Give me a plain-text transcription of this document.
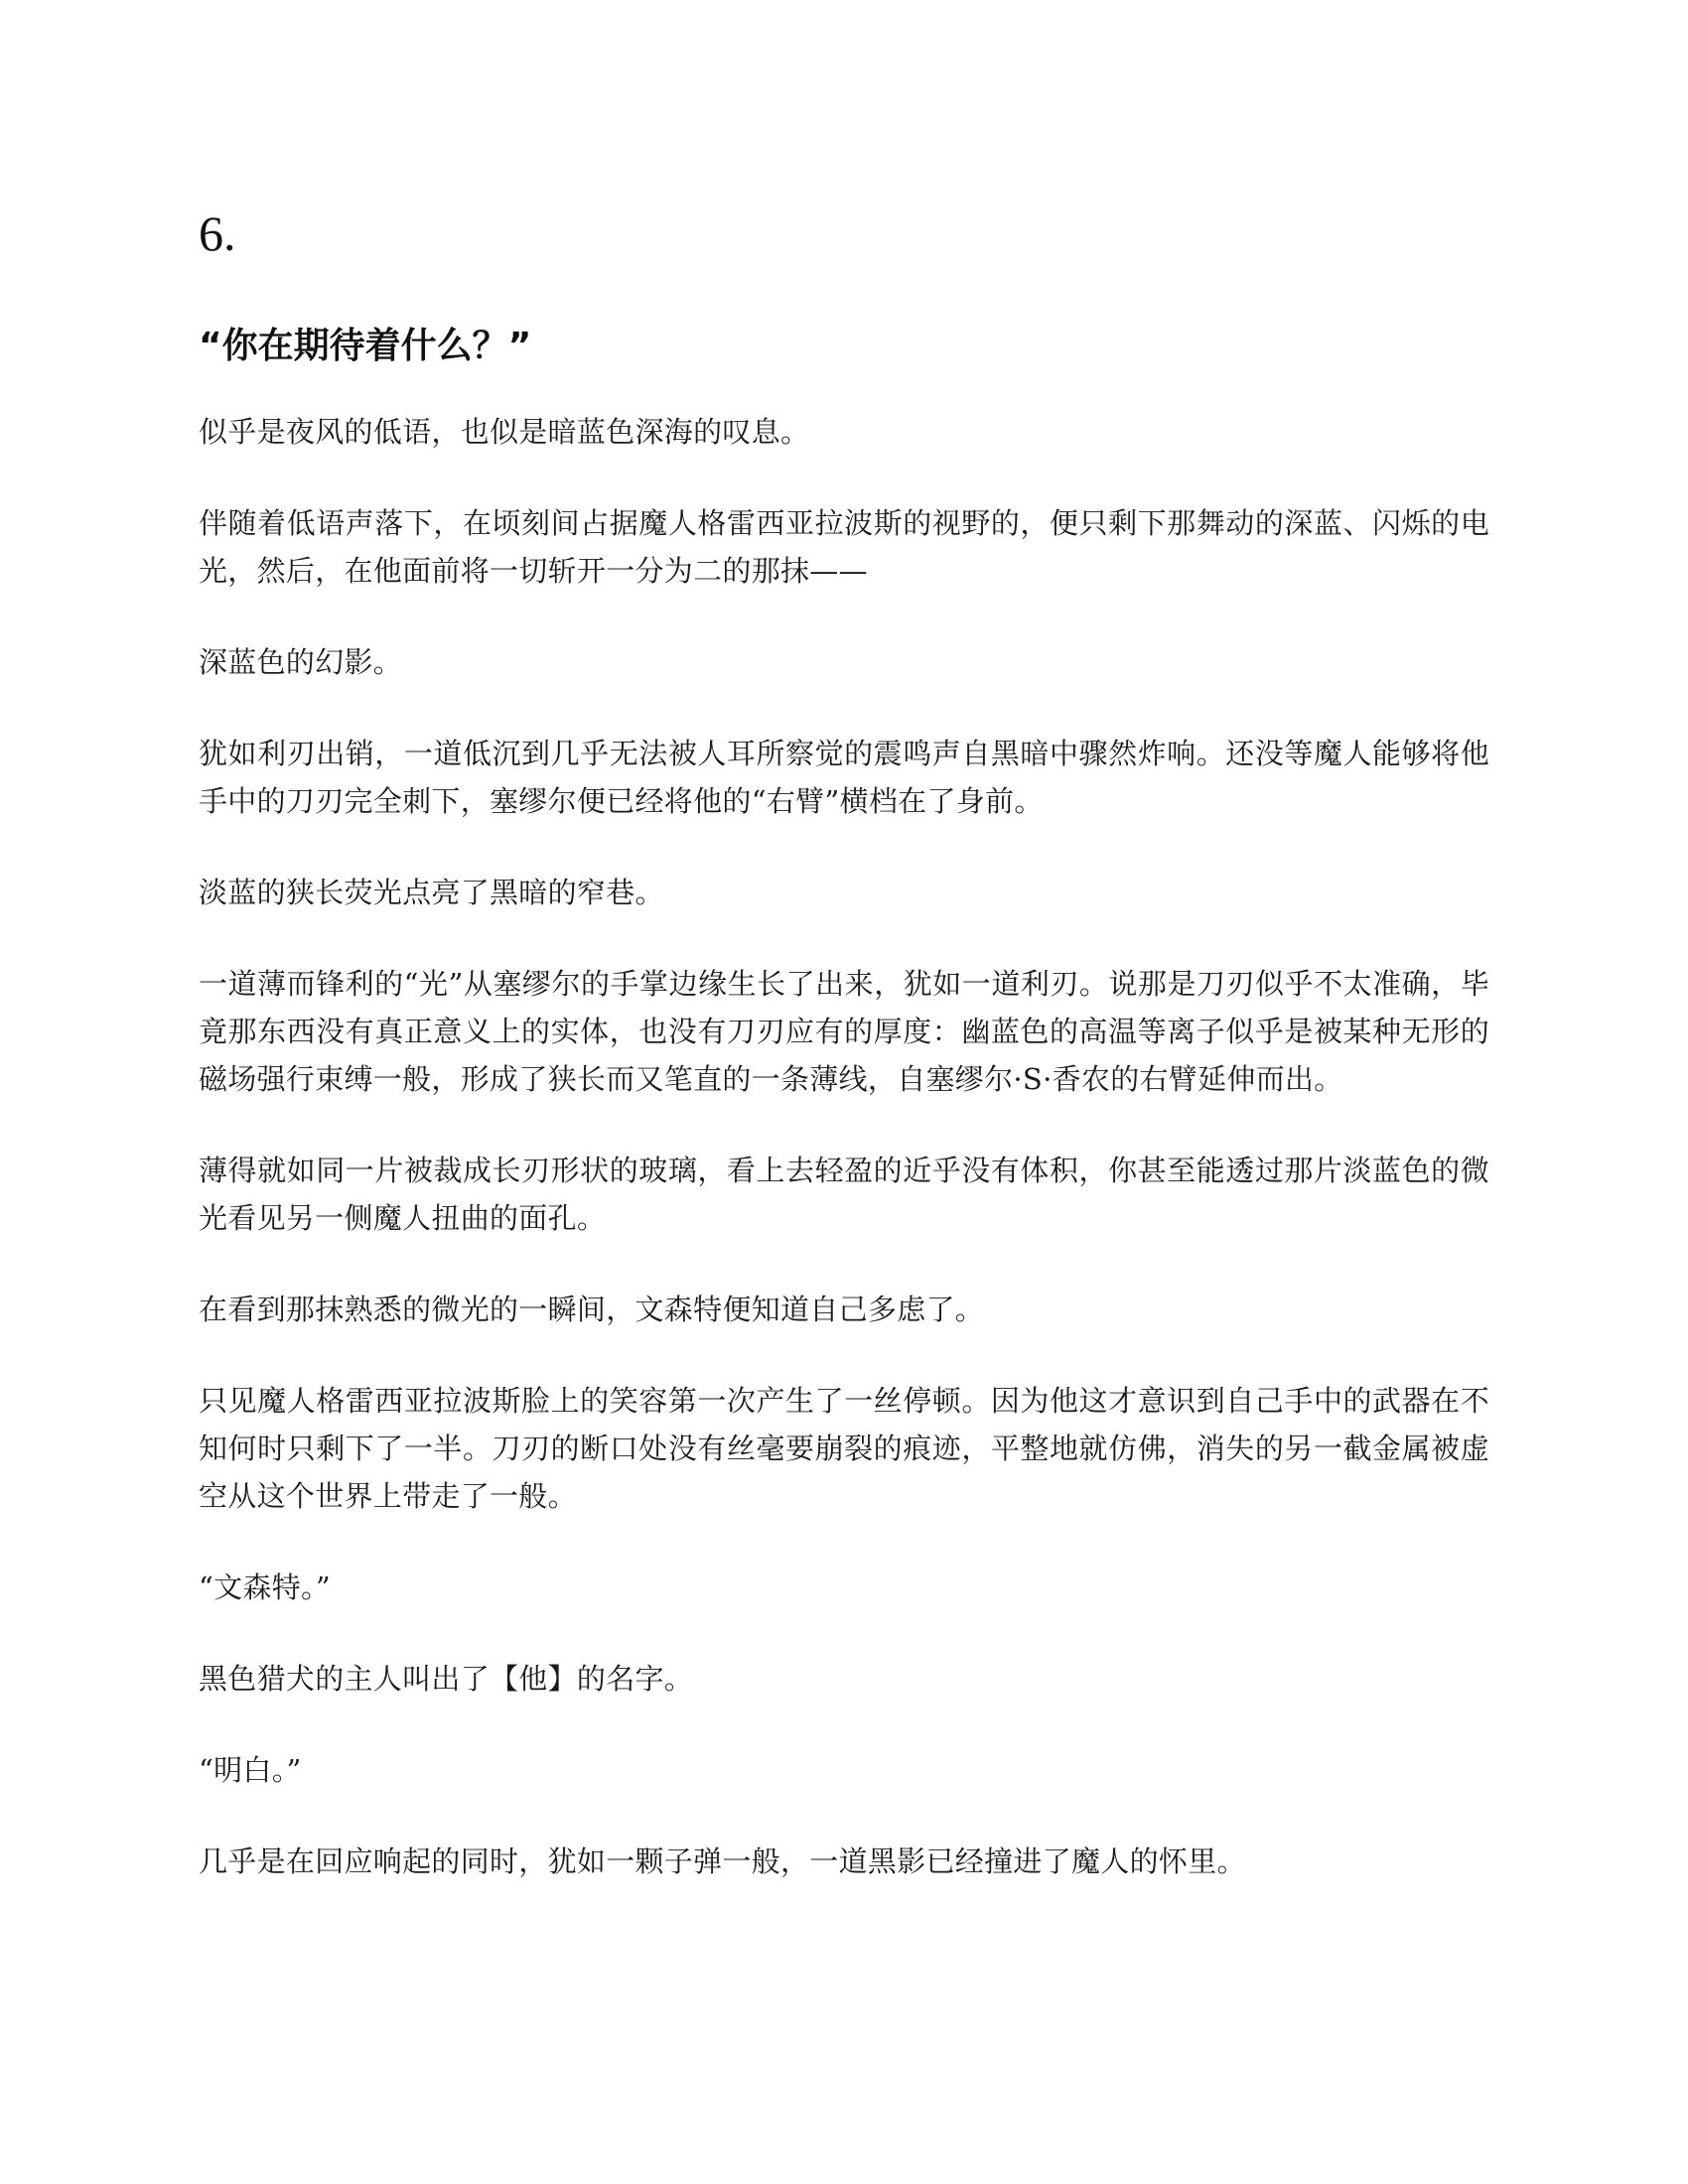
6.
“你在期待着什么？”

似乎是夜风的低语，也似是暗蓝色深海的叹息。

伴随着低语声落下，在顷刻间占据魔人格雷西亚拉波斯的视野的，便只剩下那舞动的深蓝、闪烁的电光，然后，在他面前将一切斩开一分为二的那抹——

深蓝色的幻影。

犹如利刃出销，一道低沉到几乎无法被人耳所察觉的震鸣声自黑暗中骤然炸响。还没等魔人能够将他手中的刀刃完全刺下，塞缪尔便已经将他的“右臂”横档在了身前。

淡蓝的狭长荧光点亮了黑暗的窄巷。

一道薄而锋利的“光”从塞缪尔的手掌边缘生长了出来，犹如一道利刃。说那是刀刃似乎不太准确，毕竟那东西没有真正意义上的实体，也没有刀刃应有的厚度：幽蓝色的高温等离子似乎是被某种无形的磁场强行束缚一般，形成了狭长而又笔直的一条薄线，自塞缪尔·S·香农的右臂延伸而出。

薄得就如同一片被裁成长刃形状的玻璃，看上去轻盈的近乎没有体积，你甚至能透过那片淡蓝色的微光看见另一侧魔人扭曲的面孔。

在看到那抹熟悉的微光的一瞬间，文森特便知道自己多虑了。

只见魔人格雷西亚拉波斯脸上的笑容第一次产生了一丝停顿。因为他这才意识到自己手中的武器在不知何时只剩下了一半。刀刃的断口处没有丝毫要崩裂的痕迹，平整地就仿佛，消失的另一截金属被虚空从这个世界上带走了一般。

“文森特。”

黑色猎犬的主人叫出了【他】的名字。

“明白。”

几乎是在回应响起的同时，犹如一颗子弹一般，一道黑影已经撞进了魔人的怀里。
